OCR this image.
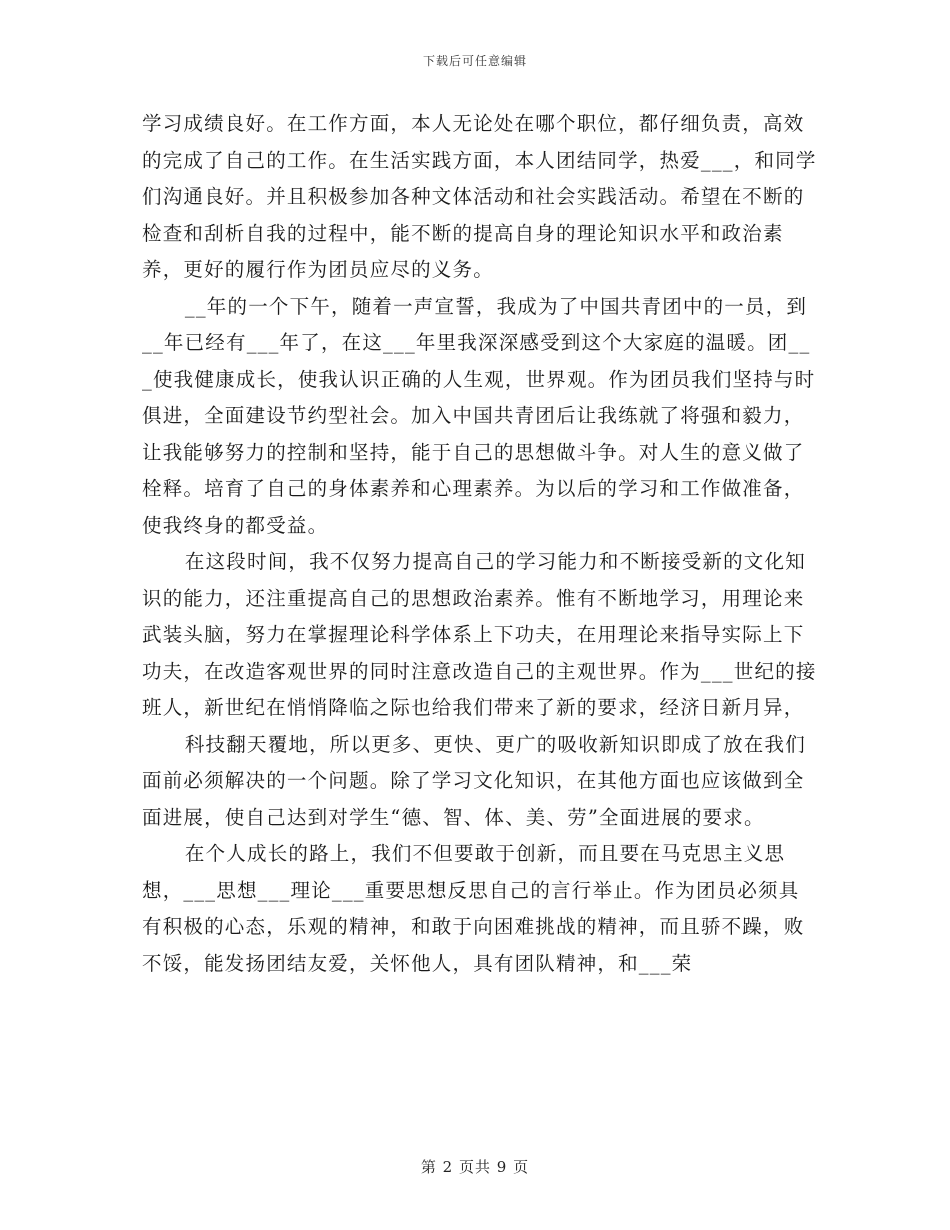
下载后可任意编辑

学习成绩良好。在工作方面，本人无论处在哪个职位，都仔细负责，高效的完成了自己的工作。在生活实践方面，本人团结同学，热爱___，和同学们沟通良好。并且积极参加各种文体活动和社会实践活动。希望在不断的检查和刮析自我的过程中，能不断的提高自身的理论知识水平和政治素养，更好的履行作为团员应尽的义务。

__年的一个下午，随着一声宣誓，我成为了中国共青团中的一员，到__年已经有___年了，在这___年里我深深感受到这个大家庭的温暖。团___使我健康成长，使我认识正确的人生观，世界观。作为团员我们坚持与时俱进，全面建设节约型社会。加入中国共青团后让我练就了将强和毅力，让我能够努力的控制和坚持，能于自己的思想做斗争。对人生的意义做了栓释。培育了自己的身体素养和心理素养。为以后的学习和工作做准备，使我终身的都受益。

在这段时间，我不仅努力提高自己的学习能力和不断接受新的文化知识的能力，还注重提高自己的思想政治素养。惟有不断地学习，用理论来武装头脑，努力在掌握理论科学体系上下功夫，在用理论来指导实际上下功夫，在改造客观世界的同时注意改造自己的主观世界。作为___世纪的接班人，新世纪在悄悄降临之际也给我们带来了新的要求，经济日新月异，

科技翻天覆地，所以更多、更快、更广的吸收新知识即成了放在我们面前必须解决的一个问题。除了学习文化知识，在其他方面也应该做到全面进展，使自己达到对学生“德、智、体、美、劳”全面进展的要求。

在个人成长的路上，我们不但要敢于创新，而且要在马克思主义思想，___思想___理论___重要思想反思自己的言行举止。作为团员必须具有积极的心态，乐观的精神，和敢于向困难挑战的精神，而且骄不躁，败不馁，能发扬团结友爱，关怀他人，具有团队精神，和___荣

第 2 页共 9 页
